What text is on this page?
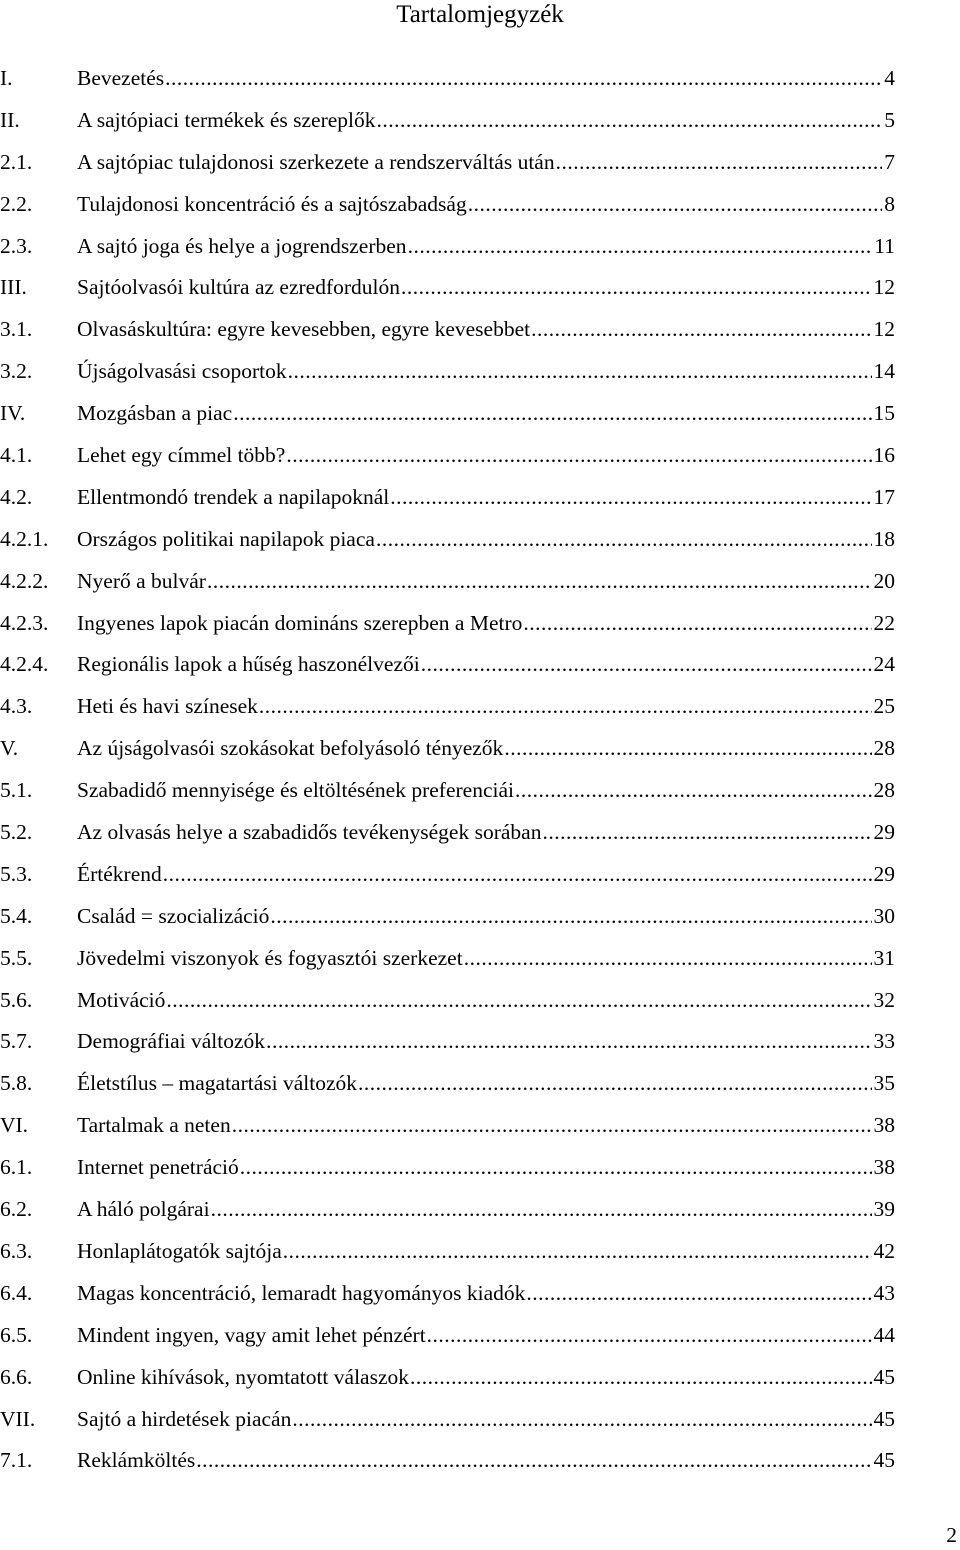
Tartalomjegyzék
I.	Bevezetés .....	4
II.	A sajtópiaci termékek és szereplők .....	5
2.1. A sajtópiac tulajdonosi szerkezete a rendszerváltás után .....	7
2.2. Tulajdonosi koncentráció és a sajtószabadság .....	8
2.3. A sajtó joga és helye a jogrendszerben .....	11
III. Sajtóolvasói kultúra az ezredfordulón .....	12
3.1. Olvasáskultúra: egyre kevesebben, egyre kevesebbet .....	12
3.2. Újságolvasási csoportok .....	14
IV. Mozgásban a piac .....	15
4.1. Lehet egy címmel több? .....	16
4.2. Ellentmondó trendek a napilapoknál .....	17
4.2.1. Országos politikai napilapok piaca .....	18
4.2.2. Nyerő a bulvár .....	20
4.2.3. Ingyenes lapok piacán domináns szerepben a Metro .....	22
4.2.4. Regionális lapok a hűség haszonélvezői .....	24
4.3. Heti és havi színesek .....	25
V.	Az újságolvasói szokásokat befolyásoló tényezők .....	28
5.1. Szabadidő mennyisége és eltöltésének preferenciái .....	28
5.2. Az olvasás helye a szabadidős tevékenységek sorában .....	29
5.3. Értékrend .....	29
5.4. Család = szocializáció .....	30
5.5. Jövedelmi viszonyok és fogyasztói szerkezet .....	31
5.6. Motiváció .....	32
5.7. Demográfiai változók .....	33
5.8. Életstílus – magatartási változók .....	35
VI. Tartalmak a neten .....	38
6.1. Internet penetráció .....	38
6.2. A háló polgárai .....	39
6.3. Honlaplátogatók sajtója .....	42
6.4. Magas koncentráció, lemaradt hagyományos kiadók .....	43
6.5. Mindent ingyen, vagy amit lehet pénzért .....	44
6.6. Online kihívások, nyomtatott válaszok .....	45
VII. Sajtó a hirdetések piacán .....	45
7.1. Reklámköltés .....	45
2
